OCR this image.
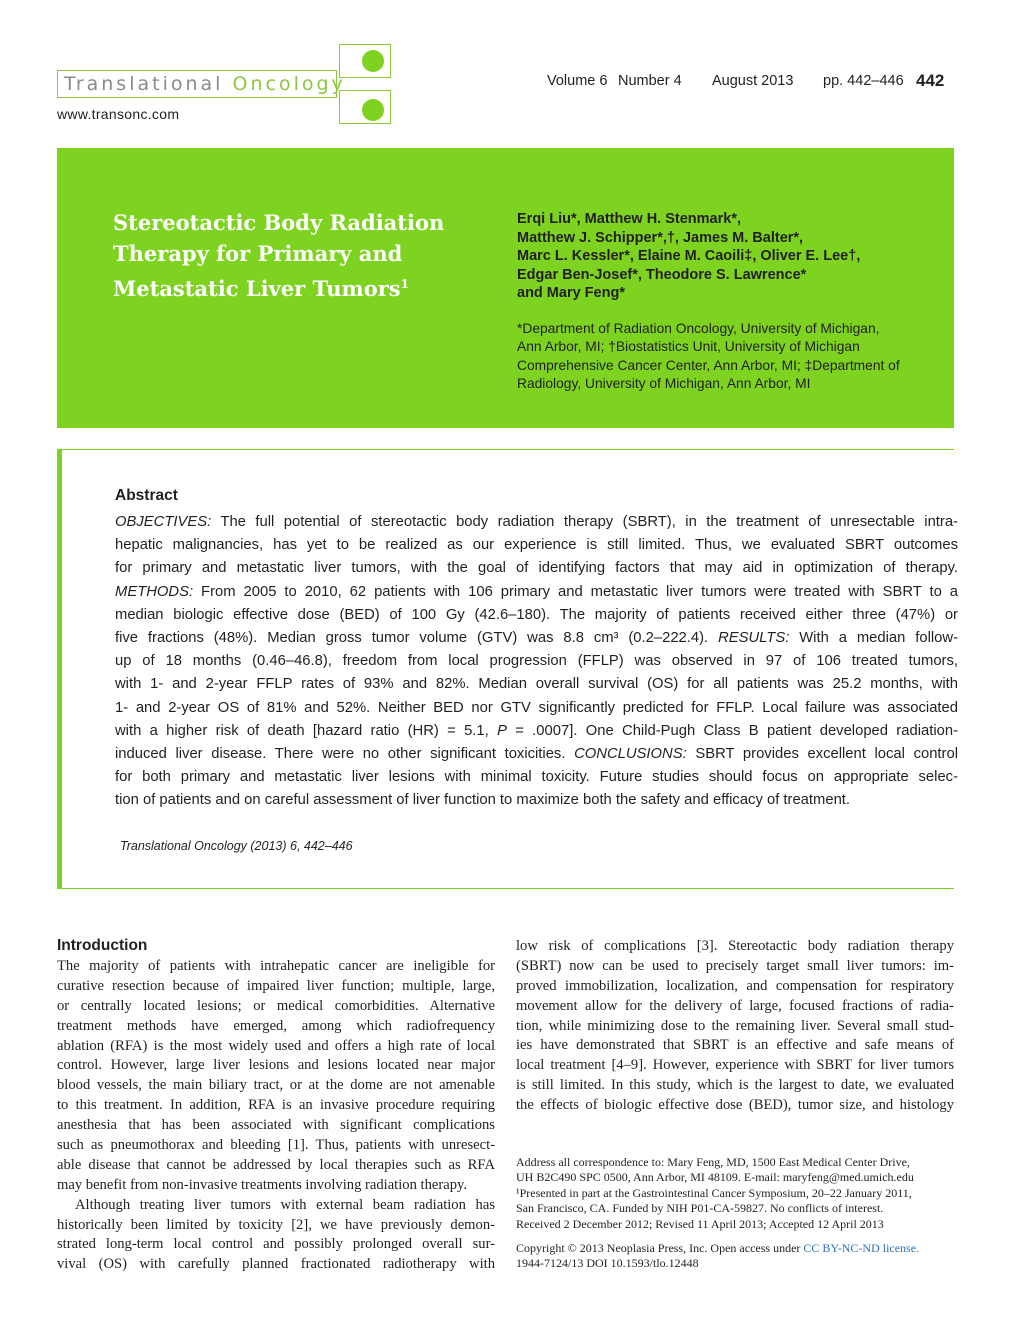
Translational Oncology
www.transonc.com
Volume 6 Number 4 August 2013 pp. 442–446 442
Stereotactic Body Radiation
Therapy for Primary and
Metastatic Liver Tumors$^1$
Erqi Liu*, Matthew H. Stenmark*,
Matthew J. Schipper*,†, James M. Balter*,
Marc L. Kessler*, Elaine M. Caoili‡, Oliver E. Lee†,
Edgar Ben-Josef*, Theodore S. Lawrence*
and Mary Feng*
*Department of Radiation Oncology, University of Michigan,
Ann Arbor, MI; †Biostatistics Unit, University of Michigan
Comprehensive Cancer Center, Ann Arbor, MI; ‡Department of
Radiology, University of Michigan, Ann Arbor, MI
Abstract
OBJECTIVES: The full potential of stereotactic body radiation therapy (SBRT), in the treatment of unresectable intra-
hepatic malignancies, has yet to be realized as our experience is still limited. Thus, we evaluated SBRT outcomes
for primary and metastatic liver tumors, with the goal of identifying factors that may aid in optimization of therapy.
METHODS: From 2005 to 2010, 62 patients with 106 primary and metastatic liver tumors were treated with SBRT to a
median biologic effective dose (BED) of 100 Gy (42.6–180). The majority of patients received either three (47%) or
five fractions (48%). Median gross tumor volume (GTV) was 8.8 cm³ (0.2–222.4). RESULTS: With a median follow-
up of 18 months (0.46–46.8), freedom from local progression (FFLP) was observed in 97 of 106 treated tumors,
with 1- and 2-year FFLP rates of 93% and 82%. Median overall survival (OS) for all patients was 25.2 months, with
1- and 2-year OS of 81% and 52%. Neither BED nor GTV significantly predicted for FFLP. Local failure was associated
with a higher risk of death [hazard ratio (HR) = 5.1, P = .0007]. One Child-Pugh Class B patient developed radiation-
induced liver disease. There were no other significant toxicities. CONCLUSIONS: SBRT provides excellent local control
for both primary and metastatic liver lesions with minimal toxicity. Future studies should focus on appropriate selec-
tion of patients and on careful assessment of liver function to maximize both the safety and efficacy of treatment.
Translational Oncology (2013) 6, 442–446
Introduction
The majority of patients with intrahepatic cancer are ineligible for
curative resection because of impaired liver function; multiple, large,
or centrally located lesions; or medical comorbidities. Alternative
treatment methods have emerged, among which radiofrequency
ablation (RFA) is the most widely used and offers a high rate of local
control. However, large liver lesions and lesions located near major
blood vessels, the main biliary tract, or at the dome are not amenable
to this treatment. In addition, RFA is an invasive procedure requiring
anesthesia that has been associated with significant complications
such as pneumothorax and bleeding [1]. Thus, patients with unresect-
able disease that cannot be addressed by local therapies such as RFA
may benefit from non-invasive treatments involving radiation therapy.
Although treating liver tumors with external beam radiation has
historically been limited by toxicity [2], we have previously demon-
strated long-term local control and possibly prolonged overall sur-
vival (OS) with carefully planned fractionated radiotherapy with
low risk of complications [3]. Stereotactic body radiation therapy
(SBRT) now can be used to precisely target small liver tumors: im-
proved immobilization, localization, and compensation for respiratory
movement allow for the delivery of large, focused fractions of radia-
tion, while minimizing dose to the remaining liver. Several small stud-
ies have demonstrated that SBRT is an effective and safe means of
local treatment [4–9]. However, experience with SBRT for liver tumors
is still limited. In this study, which is the largest to date, we evaluated
the effects of biologic effective dose (BED), tumor size, and histology
Address all correspondence to: Mary Feng, MD, 1500 East Medical Center Drive,
UH B2C490 SPC 0500, Ann Arbor, MI 48109. E-mail: maryfeng@med.umich.edu
¹Presented in part at the Gastrointestinal Cancer Symposium, 20–22 January 2011,
San Francisco, CA. Funded by NIH P01-CA-59827. No conflicts of interest.
Received 2 December 2012; Revised 11 April 2013; Accepted 12 April 2013
Copyright © 2013 Neoplasia Press, Inc. Open access under CC BY-NC-ND license.
1944-7124/13 DOI 10.1593/tlo.12448
